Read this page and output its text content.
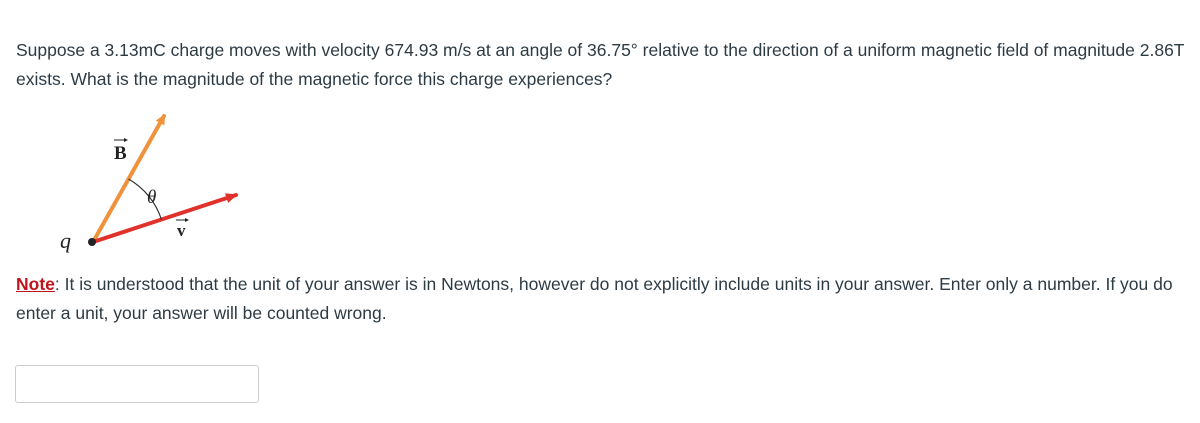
Suppose a 3.13mC charge moves with velocity 674.93 m/s at an angle of 36.75° relative to the direction of a uniform magnetic field of magnitude 2.86T exists. What is the magnitude of the magnetic force this charge experiences?

B
θ
v
q

Note: It is understood that the unit of your answer is in Newtons, however do not explicitly include units in your answer. Enter only a number. If you do enter a unit, your answer will be counted wrong.
